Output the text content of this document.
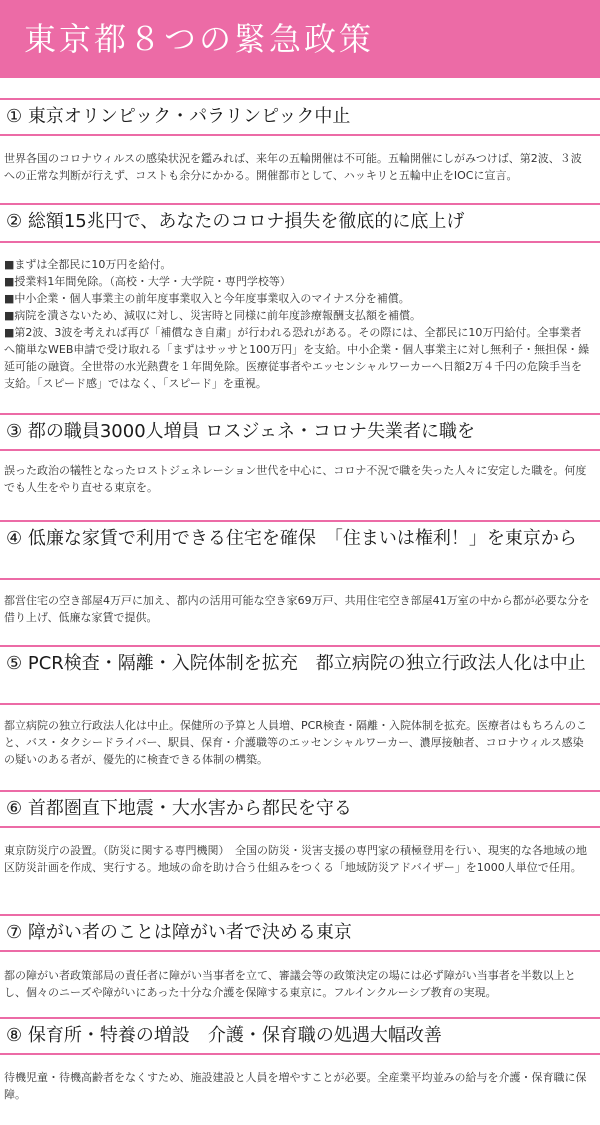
東京都８つの緊急政策
① 東京オリンピック・パラリンピック中止
世界各国のコロナウィルスの感染状況を鑑みれば、来年の五輪開催は不可能。五輪開催にしがみつけば、第2波、３波への正常な判断が行えず、コストも余分にかかる。開催都市として、ハッキリと五輪中止をIOCに宣言。
② 総額15兆円で、あなたのコロナ損失を徹底的に底上げ
■まずは全都民に10万円を給付。
■授業料1年間免除。（高校・大学・大学院・専門学校等）
■中小企業・個人事業主の前年度事業収入と今年度事業収入のマイナス分を補償。
■病院を潰さないため、減収に対し、災害時と同様に前年度診療報酬支払額を補償。
■第2波、3波を考えれば再び「補償なき自粛」が行われる恐れがある。その際には、全都民に10万円給付。全事業者へ簡単なWEB申請で受け取れる「まずはサッサと100万円」を支給。中小企業・個人事業主に対し無利子・無担保・繰延可能の融資。全世帯の水光熱費を１年間免除。医療従事者やエッセンシャルワーカーへ日額2万４千円の危険手当を支給。「スピード感」ではなく、「スピード」を重視。
③ 都の職員3000人増員 ロスジェネ・コロナ失業者に職を
誤った政治の犠牲となったロストジェネレーション世代を中心に、コロナ不況で職を失った人々に安定した職を。何度でも人生をやり直せる東京を。
④ 低廉な家賃で利用できる住宅を確保　「住まいは権利！」を東京から
都営住宅の空き部屋4万戸に加え、都内の活用可能な空き家69万戸、共用住宅空き部屋41万室の中から都が必要な分を借り上げ、低廉な家賃で提供。
⑤ PCR検査・隔離・入院体制を拡充　都立病院の独立行政法人化は中止
都立病院の独立行政法人化は中止。保健所の予算と人員増、PCR検査・隔離・入院体制を拡充。医療者はもちろんのこと、バス・タクシードライバー、駅員、保育・介護職等のエッセンシャルワーカー、濃厚接触者、コロナウィルス感染の疑いのある者が、優先的に検査できる体制の構築。
⑥ 首都圏直下地震・大水害から都民を守る
東京防災庁の設置。（防災に関する専門機関）　全国の防災・災害支援の専門家の積極登用を行い、現実的な各地域の地区防災計画を作成、実行する。地域の命を助け合う仕組みをつくる「地域防災アドバイザー」を1000人単位で任用。
⑦ 障がい者のことは障がい者で決める東京
都の障がい者政策部局の責任者に障がい当事者を立て、審議会等の政策決定の場には必ず障がい当事者を半数以上とし、個々のニーズや障がいにあった十分な介護を保障する東京に。フルインクルーシブ教育の実現。
⑧ 保育所・特養の増設　介護・保育職の処遇大幅改善
待機児童・待機高齢者をなくすため、施設建設と人員を増やすことが必要。全産業平均並みの給与を介護・保育職に保障。
